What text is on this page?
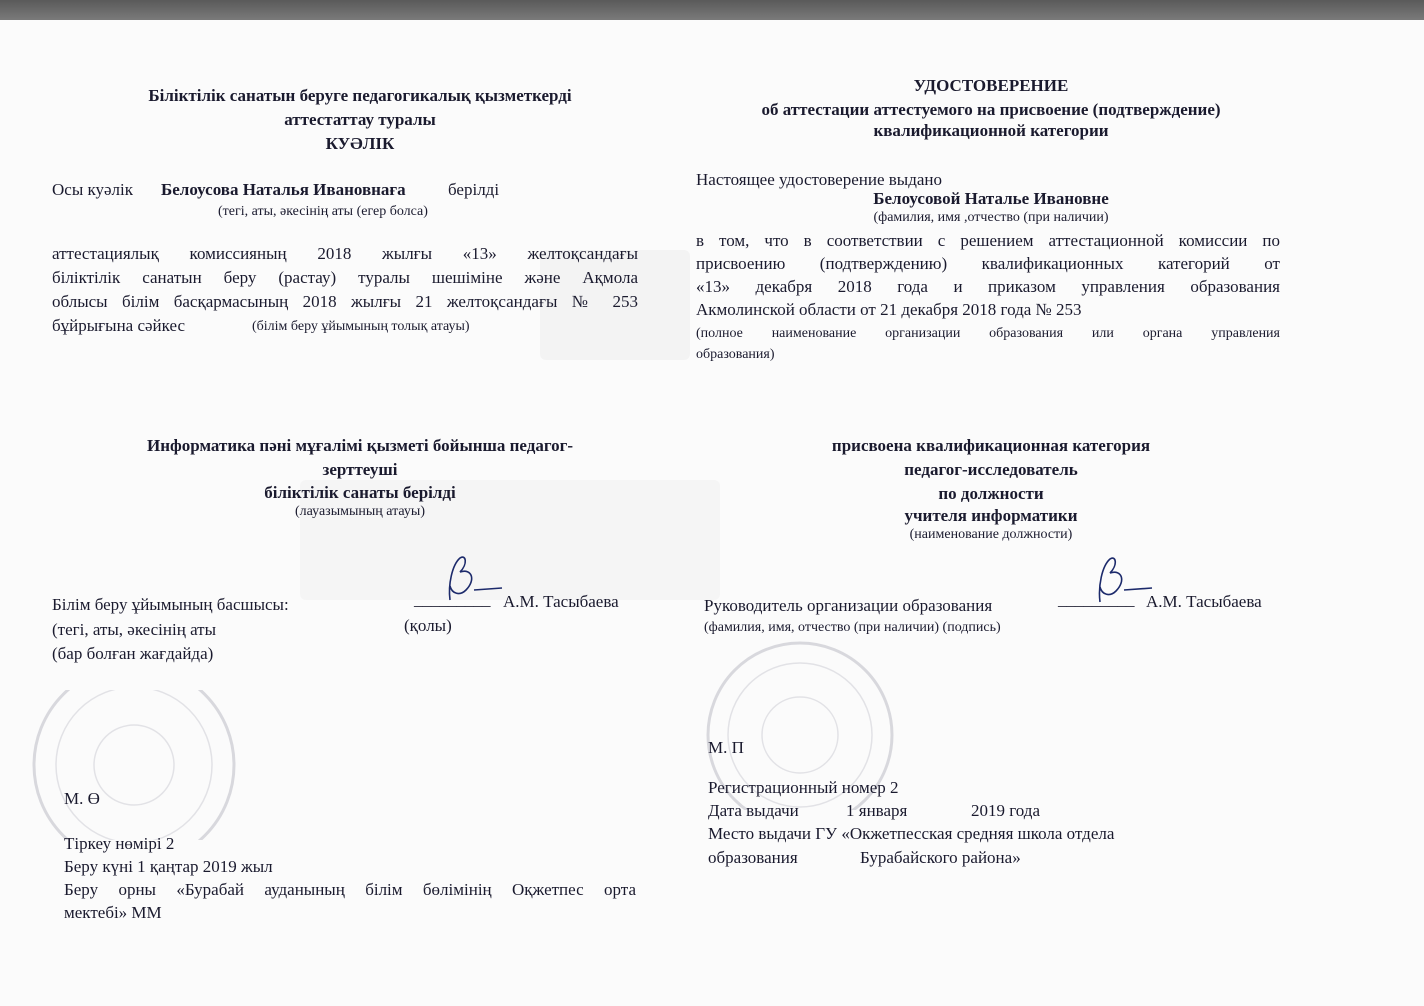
Біліктілік санатын беруге педагогикалық қызметкерді
аттестаттау туралы
КУӘЛІК
Осы куәлік Белоусова Наталья Ивановнаға берілді
(тегі, аты, әкесінің аты (егер болса)
аттестациялық комиссияның 2018 жылғы «13» желтоқсандағы
біліктілік санатын беру (растау) туралы шешіміне және Ақмола
облысы білім басқармасының 2018 жылғы 21 желтоқсандағы № 253
бұйрығына сәйкес	(білім беру ұйымының толық атауы)
Информатика пәні мұғалімі қызметі бойынша педагог-
зерттеуші
біліктілік санаты берілді
(лауазымының атауы)
Білім беру ұйымының басшысы:	_________ А.М. Тасыбаева
(тегі, аты, әкесінің аты	(қолы)
(бар болған жағдайда)
М. Ө
Тіркеу нөмірі 2
Беру күні 1 қаңтар 2019 жыл
Беру орны «Бурабай ауданының білім бөлімінің Оқжетпес орта
мектебі» ММ
УДОСТОВЕРЕНИЕ
об аттестации аттестуемого на присвоение (подтверждение)
квалификационной категории
Настоящее удостоверение выдано
Белоусовой Наталье Ивановне
(фамилия, имя ,отчество (при наличии)
в том, что в соответствии с решением аттестационной комиссии по
присвоению (подтверждению) квалификационных категорий от
«13» декабря 2018 года и приказом управления образования
Акмолинской области от 21 декабря 2018 года № 253
(полное наименование организации образования или органа управления
образования)
присвоена квалификационная категория
педагог-исследователь
по должности
учителя информатики
(наименование должности)
Руководитель организации образования	_________ А.М. Тасыбаева
(фамилия, имя, отчество (при наличии) (подпись)
М. П
Регистрационный номер 2
Дата выдачи	1 января	2019 года
Место выдачи ГУ «Окжетпесская средняя школа отдела
образования	Бурабайского района»
